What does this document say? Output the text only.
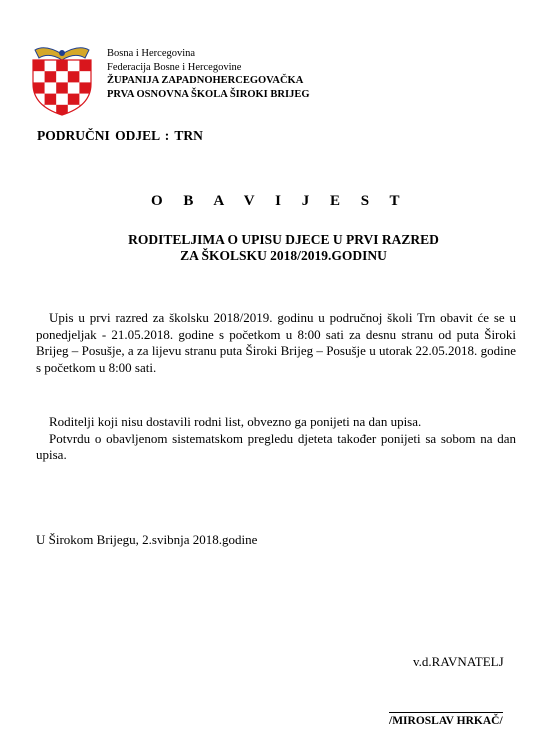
Bosna i Hercegovina
Federacija Bosne i Hercegovine
ŽUPANIJA ZAPADNOHERCEGOVAČKA
PRVA OSNOVNA ŠKOLA ŠIROKI BRIJEG
PODRUČNI ODJEL : TRN
O B A V I J E S T
RODITELJIMA O UPISU DJECE U PRVI RAZRED
ZA ŠKOLSKU 2018/2019.GODINU
Upis u prvi razred za školsku 2018/2019. godinu u područnoj školi Trn obavit će se u ponedjeljak - 21.05.2018. godine s početkom u 8:00 sati za desnu stranu od puta Široki Brijeg – Posušje, a za lijevu stranu puta Široki Brijeg – Posušje u utorak 22.05.2018. godine s početkom u 8:00 sati.
Roditelji koji nisu dostavili rodni list, obvezno ga ponijeti na dan upisa.
Potvrdu o obavljenom sistematskom pregledu djeteta također ponijeti sa sobom na dan upisa.
U Širokom Brijegu, 2.svibnja 2018.godine
v.d.RAVNATELJ
/MIROSLAV HRKAČ/
